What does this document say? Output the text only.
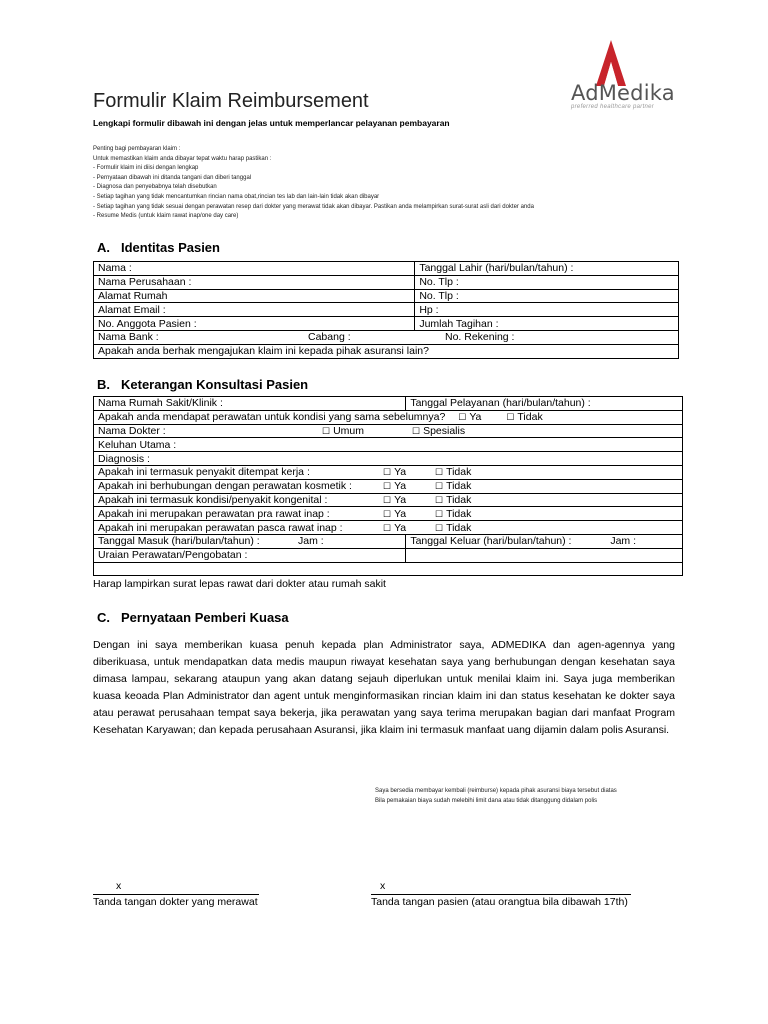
AdMedika
preferred healthcare partner
Formulir Klaim Reimbursement
Lengkapi formulir dibawah ini dengan jelas untuk memperlancar pelayanan pembayaran
Penting bagi pembayaran klaim :
Untuk memastikan klaim anda dibayar tepat waktu harap pastikan :
- Formulir klaim ini diisi dengan lengkap
- Pernyataan dibawah ini ditanda tangani dan diberi tanggal
- Diagnosa dan penyebabnya telah disebutkan
- Setiap tagihan yang tidak mencantumkan rincian nama obat,rincian tes lab dan lain-lain tidak akan dibayar
- Setiap tagihan yang tidak sesuai dengan perawatan resep dari dokter yang merawat tidak akan dibayar. Pastikan anda melampirkan surat-surat asli dari dokter anda
- Resume Medis (untuk klaim rawat inap/one day care)
A. Identitas Pasien
Nama :	Tanggal Lahir (hari/bulan/tahun) :
Nama Perusahaan :	No. Tlp :
Alamat Rumah	No. Tlp :
Alamat Email :	Hp :
No. Anggota Pasien :	Jumlah Tagihan :
Nama Bank : Cabang : No. Rekening :	
Apakah anda berhak mengajukan klaim ini kepada pihak asuransi lain?	
B. Keterangan Konsultasi Pasien
Nama Rumah Sakit/Klinik :	Tanggal Pelayanan (hari/bulan/tahun) :
Apakah anda mendapat perawatan untuk kondisi yang sama sebelumnya? ☐ Ya ☐ Tidak	
Nama Dokter : ☐ Umum ☐ Spesialis	
Keluhan Utama :	
Diagnosis :	
Apakah ini termasuk penyakit ditempat kerja : ☐ Ya ☐ Tidak	
Apakah ini berhubungan dengan perawatan kosmetik : ☐ Ya ☐ Tidak	
Apakah ini termasuk kondisi/penyakit kongenital : ☐ Ya ☐ Tidak	
Apakah ini merupakan perawatan pra rawat inap : ☐ Ya ☐ Tidak	
Apakah ini merupakan perawatan pasca rawat inap : ☐ Ya ☐ Tidak	
Tanggal Masuk (hari/bulan/tahun) : Jam :	Tanggal Keluar (hari/bulan/tahun) : Jam :
Uraian Perawatan/Pengobatan :	

Harap lampirkan surat lepas rawat dari dokter atau rumah sakit
C. Pernyataan Pemberi Kuasa
Dengan ini saya memberikan kuasa penuh kepada plan Administrator saya, ADMEDIKA dan agen-agennya yang diberikuasa, untuk mendapatkan data medis maupun riwayat kesehatan saya yang berhubungan dengan kesehatan saya dimasa lampau, sekarang ataupun yang akan datang sejauh diperlukan untuk menilai klaim ini. Saya juga memberikan kuasa keoada Plan Administrator dan agent untuk menginformasikan rincian klaim ini dan status kesehatan ke dokter saya atau perawat perusahaan tempat saya bekerja, jika perawatan yang saya terima merupakan bagian dari manfaat Program Kesehatan Karyawan; dan kepada perusahaan Asuransi, jika klaim ini termasuk manfaat uang dijamin dalam polis Asuransi.
Saya bersedia membayar kembali (reimburse) kepada pihak asuransi biaya tersebut diatas
Bila pemakaian biaya sudah melebihi limit dana atau tidak ditanggung didalam polis
x
Tanda tangan dokter yang merawat
x
Tanda tangan pasien (atau orangtua bila dibawah 17th)
